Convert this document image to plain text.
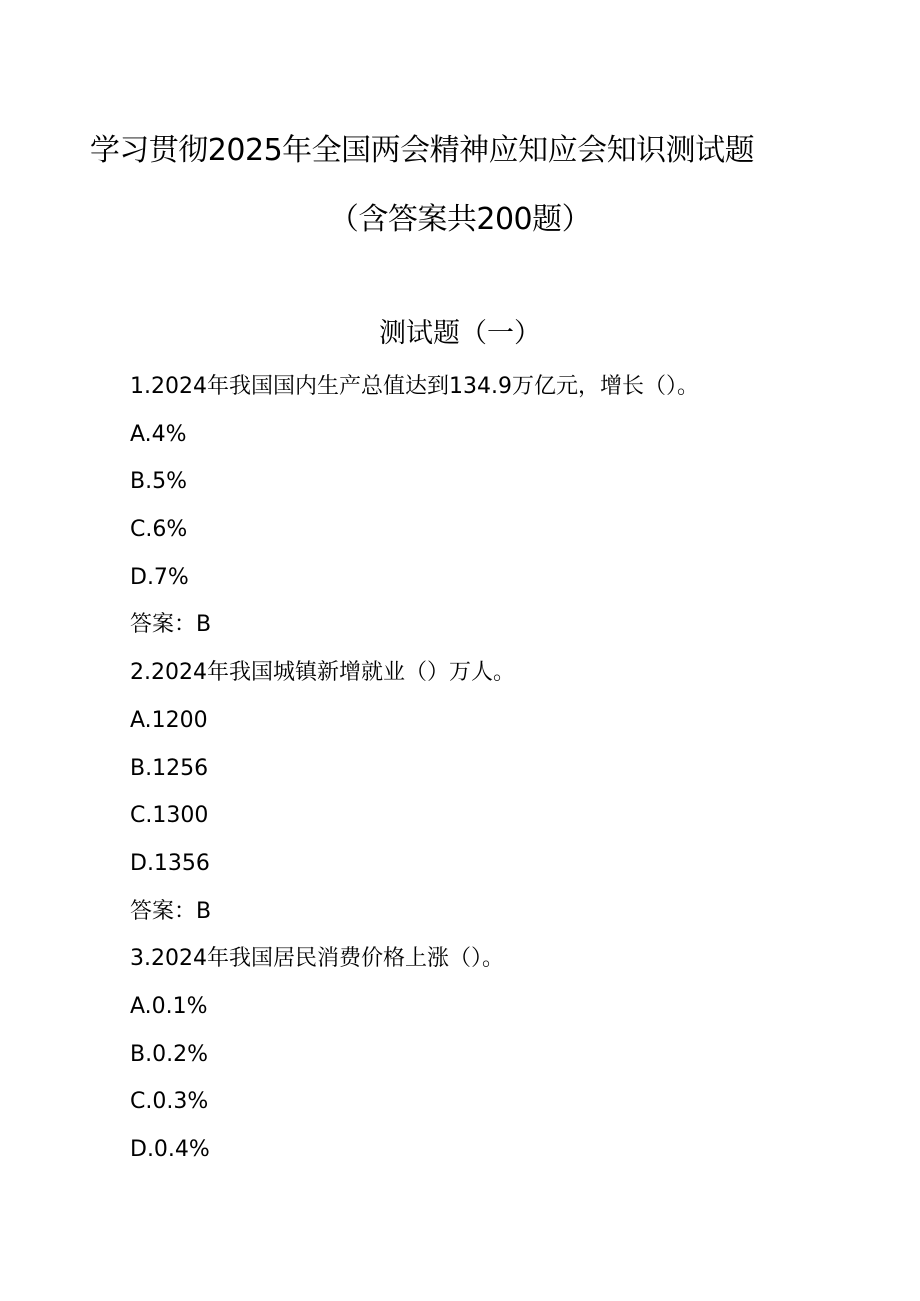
学习贯彻2025年全国两会精神应知应会知识测试题
（含答案共200题）
测试题（一）
1.2024年我国国内生产总值达到134.9万亿元，增长（）。
A.4%
B.5%
C.6%
D.7%
答案：B
2.2024年我国城镇新增就业（）万人。
A.1200
B.1256
C.1300
D.1356
答案：B
3.2024年我国居民消费价格上涨（）。
A.0.1%
B.0.2%
C.0.3%
D.0.4%
